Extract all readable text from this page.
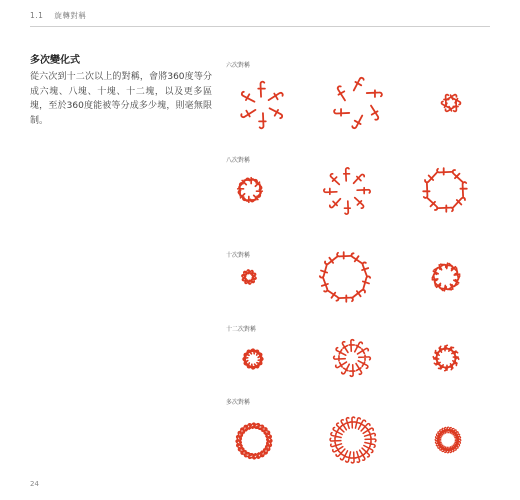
1.1 旋轉對稱
多次變化式
從六次到十二次以上的對稱，會將360度等分成六塊、八塊、十塊、十二塊，以及更多區塊，至於360度能被等分成多少塊，則毫無限制。
六次對稱
八次對稱
十次對稱
十二次對稱
多次對稱
24
